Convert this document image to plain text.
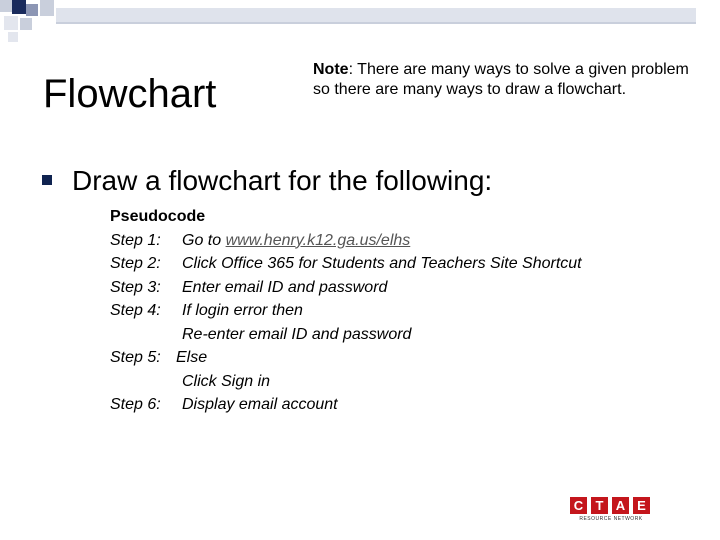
Flowchart
Note: There are many ways to solve a given problem so there are many ways to draw a flowchart.
Draw a flowchart for the following:
Pseudocode
Step 1: Go to www.henry.k12.ga.us/elhs
Step 2: Click Office 365 for Students and Teachers Site Shortcut
Step 3: Enter email ID and password
Step 4: If login error then
Re-enter email ID and password
Step 5: Else
Click Sign in
Step 6: Display email account
C T A E
RESOURCE NETWORK
